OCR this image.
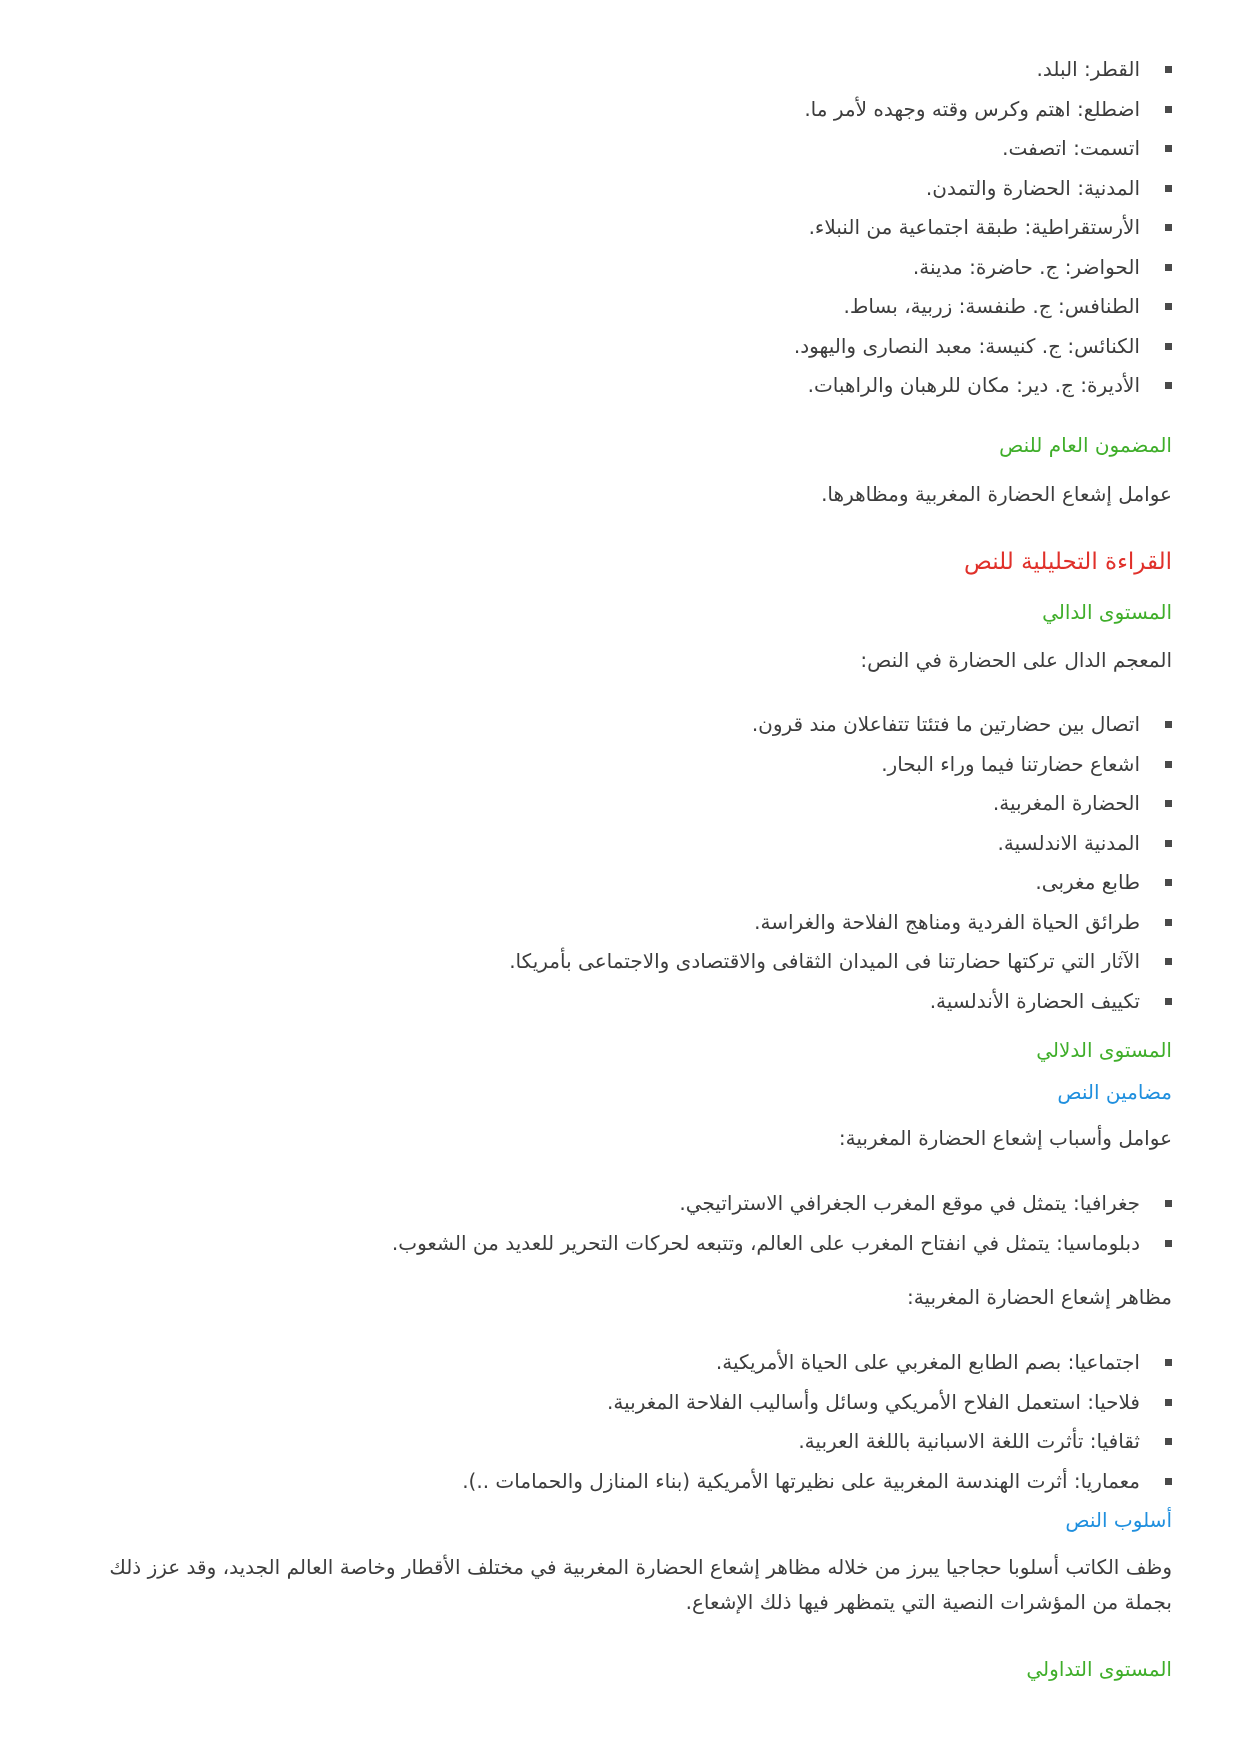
القطر: البلد.
اضطلع: اهتم وكرس وقته وجهده لأمر ما.
اتسمت: اتصفت.
المدنية: الحضارة والتمدن.
الأرستقراطية: طبقة اجتماعية من النبلاء.
الحواضر: ج. حاضرة: مدينة.
الطنافس: ج. طنفسة: زربية، بساط.
الكنائس: ج. كنيسة: معبد النصارى واليهود.
الأديرة: ج. دير: مكان للرهبان والراهبات.
المضمون العام للنص

عوامل إشعاع الحضارة المغربية ومظاهرها.

القراءة التحليلية للنص
المستوى الدالي

المعجم الدال على الحضارة في النص:

اتصال بين حضارتين ما فتئتا تتفاعلان مند قرون.
اشعاع حضارتنا فيما وراء البحار.
الحضارة المغربية.
المدنية الاندلسية.
طابع مغربى.
طرائق الحياة الفردية ومناهج الفلاحة والغراسة.
الآثار التي تركتها حضارتنا فى الميدان الثقافى والاقتصادى والاجتماعى بأمريكا.
تكييف الحضارة الأندلسية.
المستوى الدلالي
مضامين النص

عوامل وأسباب إشعاع الحضارة المغربية:

جغرافيا: يتمثل في موقع المغرب الجغرافي الاستراتيجي.
دبلوماسيا: يتمثل في انفتاح المغرب على العالم، وتتبعه لحركات التحرير للعديد من الشعوب.

مظاهر إشعاع الحضارة المغربية:

اجتماعيا: بصم الطابع المغربي على الحياة الأمريكية.
فلاحيا: استعمل الفلاح الأمريكي وسائل وأساليب الفلاحة المغربية.
ثقافيا: تأثرت اللغة الاسبانية باللغة العربية.
معماريا: أثرت الهندسة المغربية على نظيرتها الأمريكية (بناء المنازل والحمامات ..).
أسلوب النص

وظف الكاتب أسلوبا حجاجيا يبرز من خلاله مظاهر إشعاع الحضارة المغربية في مختلف الأقطار وخاصة العالم الجديد، وقد عزز ذلك

بجملة من المؤشرات النصية التي يتمظهر فيها ذلك الإشعاع.

المستوى التداولي
